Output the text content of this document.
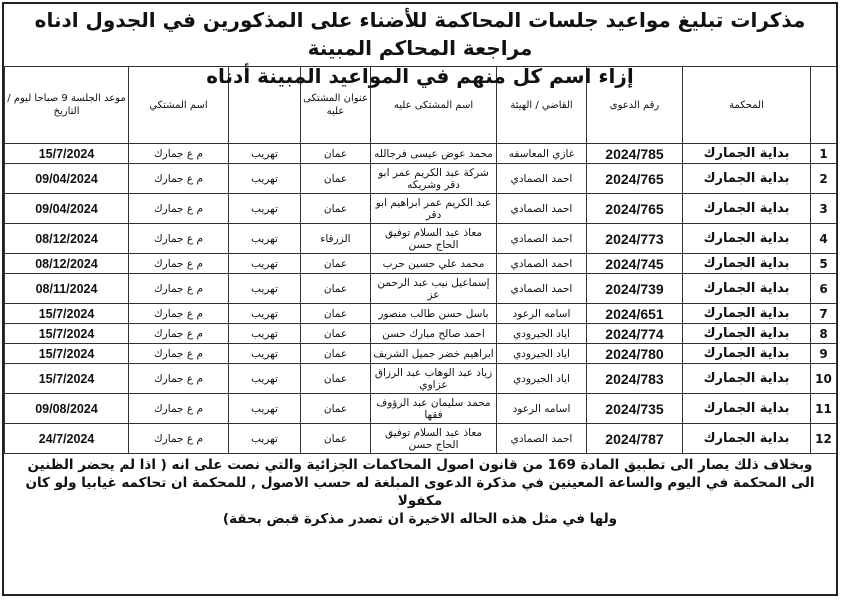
مذكرات تبليغ مواعيد جلسات المحاكمة للأضناء على المذكورين في الجدول ادناه مراجعة المحاكم المبينة
إزاء اسم كل منهم في المواعيد المبينة أدناه
	المحكمة	رقم الدعوى	القاضي / الهيئة	اسم المشتكى عليه	عنوان المشتكى عليه		اسم المشتكي	موعد الجلسة 9 صباحا ليوم / التاريخ
1	بداية الجمارك	2024/785	غازي المعاسفه	محمد عوض عيسى فرجالله	عمان	تهريب	م ع جمارك	15/7/2024
2	بداية الجمارك	2024/765	احمد الصمادي	شركة عبد الكريم عمر ابو دقر وشريكه	عمان	تهريب	م ع جمارك	09/04/2024
3	بداية الجمارك	2024/765	احمد الصمادي	عبد الكريم عمر ابراهيم ابو دقر	عمان	تهريب	م ع جمارك	09/04/2024
4	بداية الجمارك	2024/773	احمد الصمادي	معاذ عبد السلام توفيق الحاج حسن	الزرقاء	تهريب	م ع جمارك	08/12/2024
5	بداية الجمارك	2024/745	احمد الصمادي	محمد علي حسين حرب	عمان	تهريب	م ع جمارك	08/12/2024
6	بداية الجمارك	2024/739	احمد الصمادي	إسماعيل نيب عبد الرحمن عز	عمان	تهريب	م ع جمارك	08/11/2024
7	بداية الجمارك	2024/651	اسامه الرعود	باسل حسن طالب منصور	عمان	تهريب	م ع جمارك	15/7/2024
8	بداية الجمارك	2024/774	اياد الجيرودي	احمد صالح مبارك حسن	عمان	تهريب	م ع جمارك	15/7/2024
9	بداية الجمارك	2024/780	اياد الجيرودي	ابراهيم خضر جميل الشريف	عمان	تهريب	م ع جمارك	15/7/2024
10	بداية الجمارك	2024/783	اياد الجيرودي	زياد عبد الوهاب عبد الرزاق عزاوي	عمان	تهريب	م ع جمارك	15/7/2024
11	بداية الجمارك	2024/735	اسامه الرعود	محمد سليمان عبد الرؤوف فقها	عمان	تهريب	م ع جمارك	09/08/2024
12	بداية الجمارك	2024/787	احمد الصمادي	معاذ عبد السلام توفيق الحاج حسن	عمان	تهريب	م ع جمارك	24/7/2024
وبخلاف ذلك يصار الى تطبيق المادة 169 من قانون اصول المحاكمات الجزائية والتي نصت على انه ( اذا لم يحضر الظنين
الى المحكمة في اليوم والساعة المعينين في مذكرة الدعوى المبلغة له حسب الاصول , للمحكمة ان تحاكمه غيابيا ولو كان مكفولا
ولها في مثل هذه الحاله الاخيرة ان تصدر مذكرة قبض بحقة)
